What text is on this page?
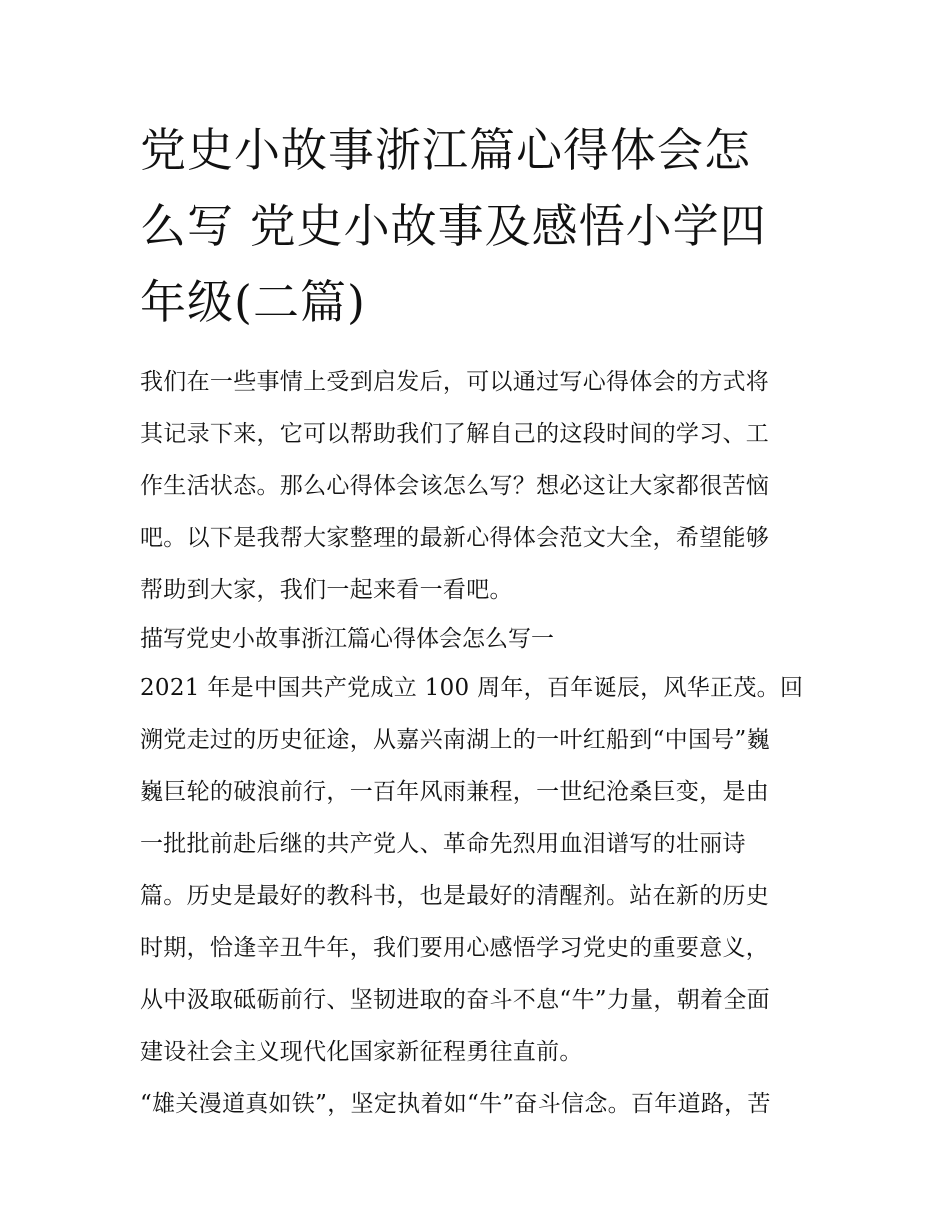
党史小故事浙江篇心得体会怎
么写 党史小故事及感悟小学四
年级(二篇)

我们在一些事情上受到启发后，可以通过写心得体会的方式将
其记录下来，它可以帮助我们了解自己的这段时间的学习、工
作生活状态。那么心得体会该怎么写？想必这让大家都很苦恼
吧。以下是我帮大家整理的最新心得体会范文大全，希望能够
帮助到大家，我们一起来看一看吧。

描写党史小故事浙江篇心得体会怎么写一

2021 年是中国共产党成立 100 周年，百年诞辰，风华正茂。回
溯党走过的历史征途，从嘉兴南湖上的一叶红船到“中国号”巍
巍巨轮的破浪前行，一百年风雨兼程，一世纪沧桑巨变，是由
一批批前赴后继的共产党人、革命先烈用血泪谱写的壮丽诗
篇。历史是最好的教科书，也是最好的清醒剂。站在新的历史
时期，恰逢辛丑牛年，我们要用心感悟学习党史的重要意义，
从中汲取砥砺前行、坚韧进取的奋斗不息“牛”力量，朝着全面
建设社会主义现代化国家新征程勇往直前。

“雄关漫道真如铁”，坚定执着如“牛”奋斗信念。百年道路，苦
